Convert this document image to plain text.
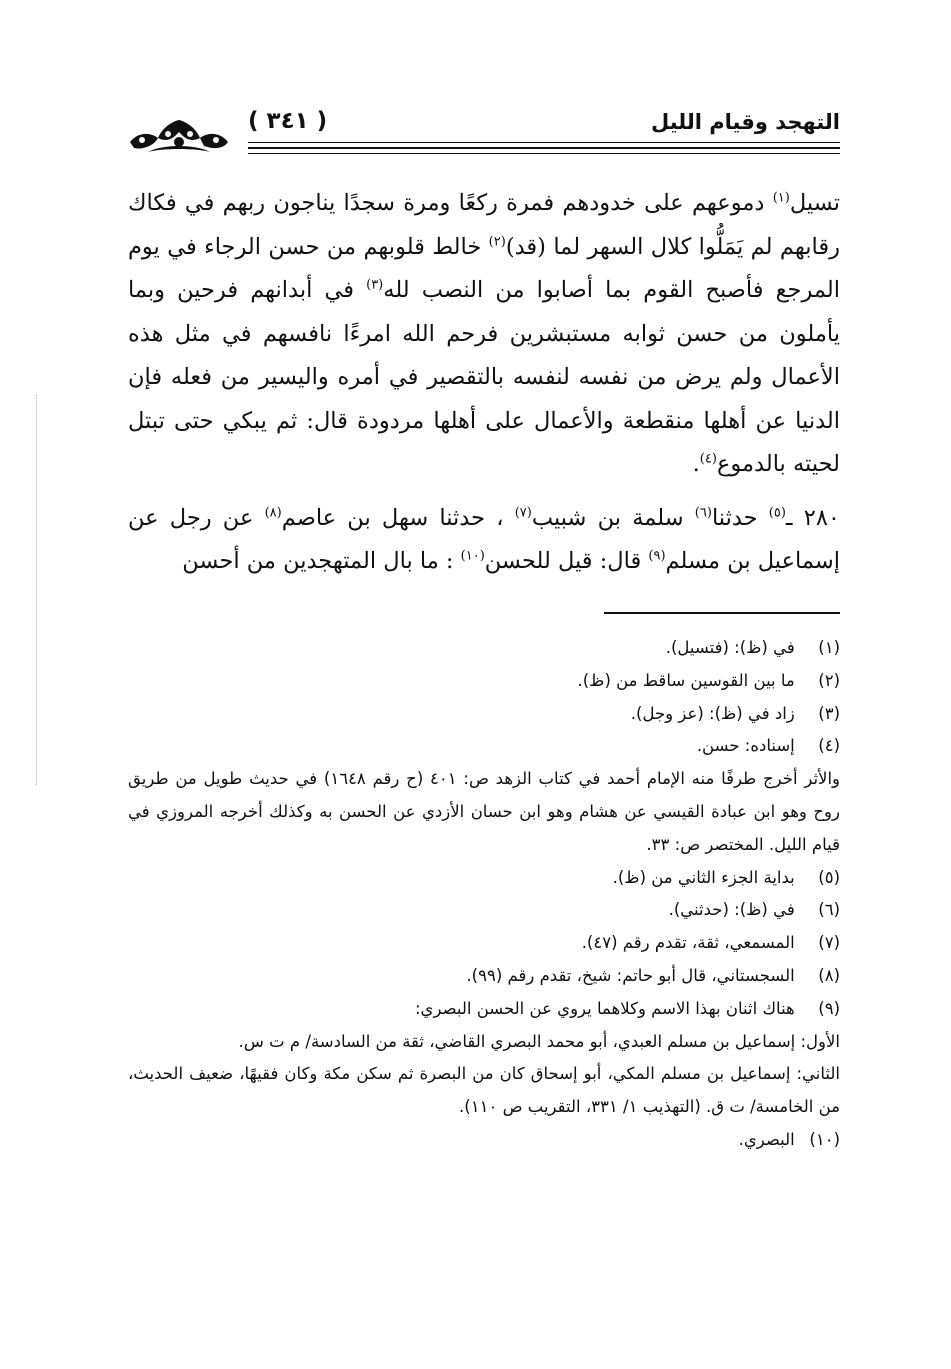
التهجد وقيام الليل
( ٣٤١ )

تسيل$^{(١)}$ دموعهم على خدودهم فمرة ركعًا ومرة سجدًا يناجون ربهم في فكاك رقابهم لم يَمَلُّوا كلال السهر لما (قد)$^{(٢)}$ خالط قلوبهم من حسن الرجاء في يوم المرجع فأصبح القوم بما أصابوا من النصب لله$^{(٣)}$ في أبدانهم فرحين وبما يأملون من حسن ثوابه مستبشرين فرحم الله امرءًا نافسهم في مثل هذه الأعمال ولم يرض من نفسه لنفسه بالتقصير في أمره واليسير من فعله فإن الدنيا عن أهلها منقطعة والأعمال على أهلها مردودة قال: ثم يبكي حتى تبتل لحيته بالدموع$^{(٤)}$.

٢٨٠ ـ$^{(٥)}$ حدثنا$^{(٦)}$ سلمة بن شبيب$^{(٧)}$ ، حدثنا سهل بن عاصم$^{(٨)}$ عن رجل عن إسماعيل بن مسلم$^{(٩)}$ قال: قيل للحسن$^{(١٠)}$ : ما بال المتهجدين من أحسن

(١) في (ظ): (فتسيل).

(٢) ما بين القوسين ساقط من (ظ).

(٣) زاد في (ظ): (عز وجل).

(٤) إسناده: حسن.

والأثر أخرج طرفًا منه الإمام أحمد في كتاب الزهد ص: ٤٠١ (ح رقم ١٦٤٨) في حديث طويل من طريق روح وهو ابن عبادة القيسي عن هشام وهو ابن حسان الأزدي عن الحسن به وكذلك أخرجه المروزي في قيام الليل. المختصر ص: ٣٣.

(٥) بداية الجزء الثاني من (ظ).

(٦) في (ظ): (حدثني).

(٧) المسمعي، ثقة، تقدم رقم (٤٧).

(٨) السجستاني، قال أبو حاتم: شيخ، تقدم رقم (٩٩).

(٩) هناك اثنان بهذا الاسم وكلاهما يروي عن الحسن البصري:

الأول: إسماعيل بن مسلم العبدي، أبو محمد البصري القاضي، ثقة من السادسة/ م ت س.

الثاني: إسماعيل بن مسلم المكي، أبو إسحاق كان من البصرة ثم سكن مكة وكان فقيهًا، ضعيف الحديث، من الخامسة/ ت ق. (التهذيب ١/ ٣٣١، التقريب ص ١١٠).

(١٠) البصري.
